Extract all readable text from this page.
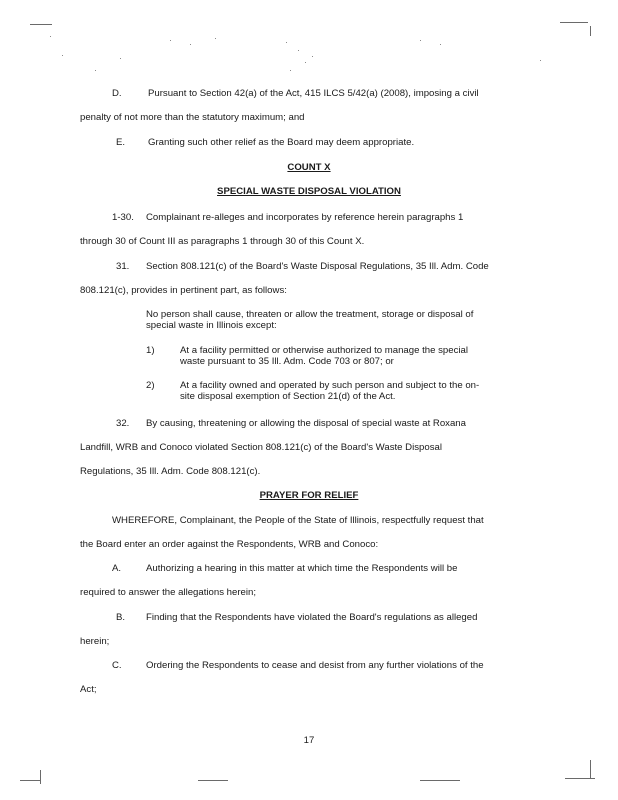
D.	Pursuant to Section 42(a) of the Act, 415 ILCS 5/42(a) (2008), imposing a civil
penalty of not more than the statutory maximum; and
E. Granting such other relief as the Board may deem appropriate.
COUNT X
SPECIAL WASTE DISPOSAL VIOLATION
1-30. Complainant re-alleges and incorporates by reference herein paragraphs 1
through 30 of Count III as paragraphs 1 through 30 of this Count X.
31. Section 808.121(c) of the Board's Waste Disposal Regulations, 35 Ill. Adm. Code
808.121(c), provides in pertinent part, as follows:
No person shall cause, threaten or allow the treatment, storage or disposal of
special waste in Illinois except:
1)	At a facility permitted or otherwise authorized to manage the special
waste pursuant to 35 Ill. Adm. Code 703 or 807; or
2)	At a facility owned and operated by such person and subject to the on-
site disposal exemption of Section 21(d) of the Act.
32. By causing, threatening or allowing the disposal of special waste at Roxana
Landfill, WRB and Conoco violated Section 808.121(c) of the Board's Waste Disposal
Regulations, 35 Ill. Adm. Code 808.121(c).
PRAYER FOR RELIEF
WHEREFORE, Complainant, the People of the State of Illinois, respectfully request that
the Board enter an order against the Respondents, WRB and Conoco:
A.	Authorizing a hearing in this matter at which time the Respondents will be
required to answer the allegations herein;
B. Finding that the Respondents have violated the Board's regulations as alleged
herein;
C.	Ordering the Respondents to cease and desist from any further violations of the
Act;
17
